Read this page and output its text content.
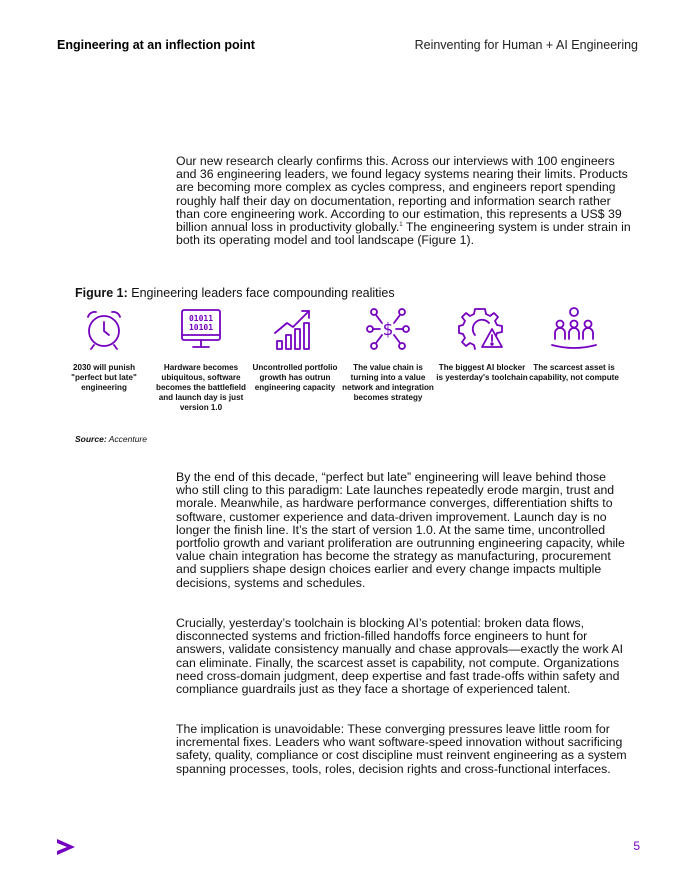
Engineering at an inflection point	Reinventing for Human + AI Engineering

Our new research clearly confirms this. Across our interviews with 100 engineers and 36 engineering leaders, we found legacy systems nearing their limits. Products are becoming more complex as cycles compress, and engineers report spending roughly half their day on documentation, reporting and information search rather than core engineering work. According to our estimation, this represents a US$ 39 billion annual loss in productivity globally.$^1$ The engineering system is under strain in both its operating model and tool landscape (Figure 1).

Figure 1: Engineering leaders face compounding realities
2030 will punish "perfect but late" engineering
01011
10101
Hardware becomes ubiquitous, software becomes the battlefield and launch day is just version 1.0
Uncontrolled portfolio growth has outrun engineering capacity
$
The value chain is turning into a value network and integration becomes strategy
The biggest AI blocker is yesterday's toolchain
The scarcest asset is capability, not compute
Source: Accenture

By the end of this decade, “perfect but late” engineering will leave behind those who still cling to this paradigm: Late launches repeatedly erode margin, trust and morale. Meanwhile, as hardware performance converges, differentiation shifts to software, customer experience and data-driven improvement. Launch day is no longer the finish line. It’s the start of version 1.0. At the same time, uncontrolled portfolio growth and variant proliferation are outrunning engineering capacity, while value chain integration has become the strategy as manufacturing, procurement and suppliers shape design choices earlier and every change impacts multiple decisions, systems and schedules.

Crucially, yesterday’s toolchain is blocking AI’s potential: broken data flows, disconnected systems and friction-filled handoffs force engineers to hunt for answers, validate consistency manually and chase approvals—exactly the work AI can eliminate. Finally, the scarcest asset is capability, not compute. Organizations need cross-domain judgment, deep expertise and fast trade-offs within safety and compliance guardrails just as they face a shortage of experienced talent.

The implication is unavoidable: These converging pressures leave little room for incremental fixes. Leaders who want software-speed innovation without sacrificing safety, quality, compliance or cost discipline must reinvent engineering as a system spanning processes, tools, roles, decision rights and cross-functional interfaces.

5
